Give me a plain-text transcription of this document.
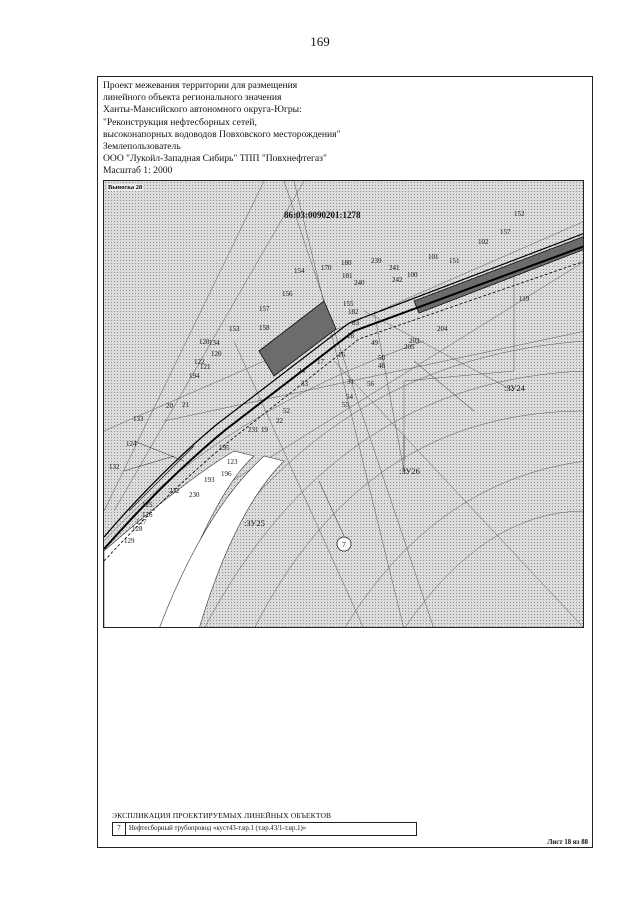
169
Проект межевания территории для размещения
линейного объекта регионального значения
Ханты-Мансийского автономного округа-Югры:
"Реконструкция нефтесборных сетей,
высоконапорных водоводов Повховского месторождения"
Землепользователь
ООО "Лукойл-Западная Сибирь" ТПП "Повхнефтегаз"
Масштаб 1: 2000
86:03:0090201:1278
:ЗУ24
:ЗУ25
:ЗУ26
7
152
157
102
101 151
239
241
242
100
119
180
170
154
181
240
156
155
182
157
158
153
83
120
204
134
120
18
49	203
205
122
121
194
17
16	50
48
24
31 56
33
54
55
133
20 21
52
22
231 19
124	195
123
132
196
193
232 230
125
126
127
128
129
Выноска 28
ЭКСПЛИКАЦИЯ ПРОЕКТИРУЕМЫХ ЛИНЕЙНЫХ ОБЪЕКТОВ
7	Нефтесборный трубопровод «куст43-т.вр.1 (т.вр.43/1-т.вр.1)»
Лист 18 из 88
